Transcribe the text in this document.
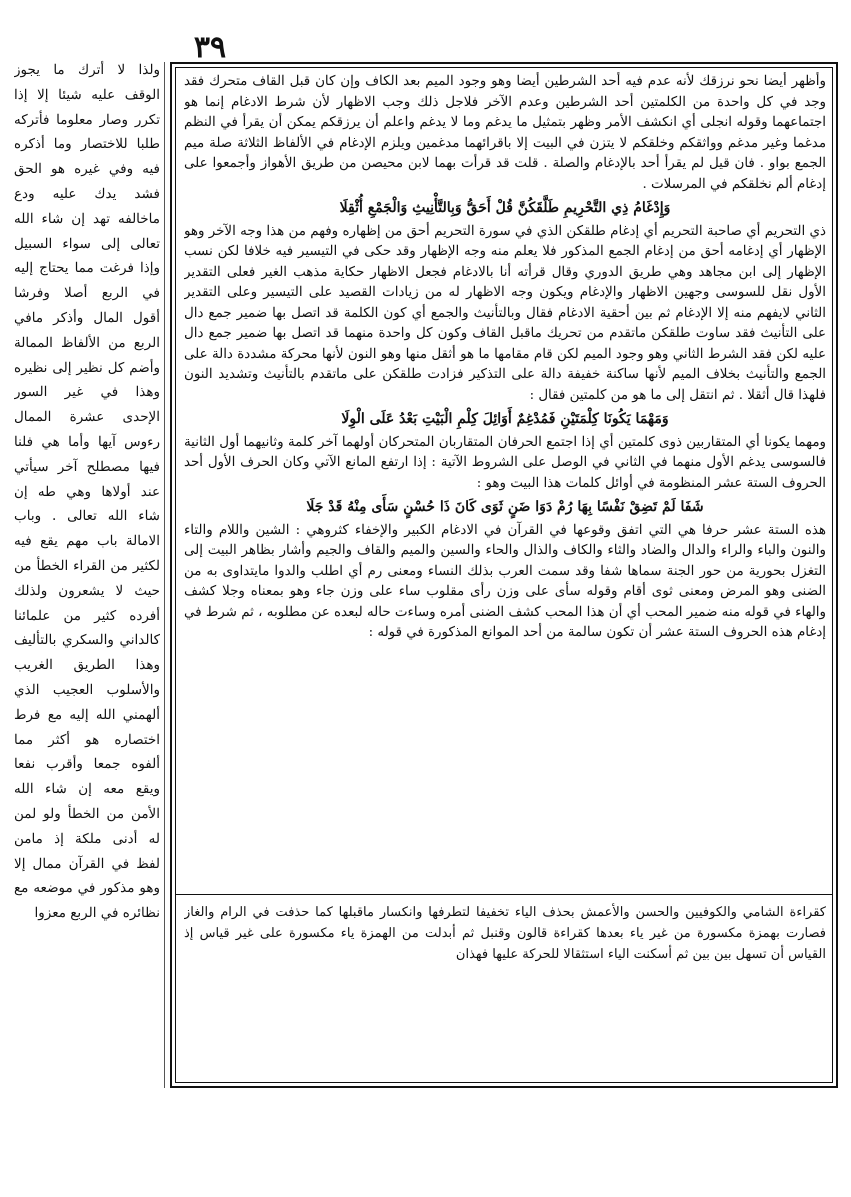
٣٩

ولذا لا أترك ما يجوز الوقف عليه شيئا إلا إذا تكرر وصار معلوما فأتركه طلبا للاختصار وما أذكره فيه وفي غيره هو الحق فشد يدك عليه ودع ماخالفه تهد إن شاء الله تعالى إلى سواء السبيل وإذا فرغت مما يحتاج إليه في الربع أصلا وفرشا أقول المال وأذكر مافي الربع من الألفاظ الممالة وأضم كل نظير إلى نظيره وهذا في غير السور الإحدى عشرة الممال رءوس آيها وأما هي فلنا فيها مصطلح آخر سيأتي عند أولاها وهي طه إن شاء الله تعالى . وباب الامالة باب مهم يقع فيه لكثير من القراء الخطأ من حيث لا يشعرون ولذلك أفرده كثير من علمائنا كالداني والسكري بالتأليف وهذا الطريق الغريب والأسلوب العجيب الذي ألهمني الله إليه مع فرط اختصاره هو أكثر مما ألفوه جمعا وأقرب نفعا ويقع معه إن شاء الله الأمن من الخطأ ولو لمن له أدنى ملكة إذ مامن لفظ في القرآن ممال إلا وهو مذكور في موضعه مع نظائره في الربع معزوا

وأظهر أيضا نحو نرزقك لأنه عدم فيه أحد الشرطين أيضا وهو وجود الميم بعد الكاف وإن كان قبل القاف متحرك فقد وجد في كل واحدة من الكلمتين أحد الشرطين وعدم الآخر فلاجل ذلك وجب الاظهار لأن شرط الادغام إنما هو اجتماعهما وقوله انجلى أي انكشف الأمر وظهر بتمثيل ما يدغم وما لا يدغم واعلم أن يرزقكم يمكن أن يقرأ في النظم مدغما وغير مدغم وواثقكم وخلقكم لا يتزن في البيت إلا باقرائهما مدغمين ويلزم الإدغام في الألفاظ الثلاثة صلة ميم الجمع بواو . فان قيل لم يقرأ أحد بالإدغام والصلة . قلت قد قرأت بهما لابن محيصن من طريق الأهواز وأجمعوا على إدغام ألم نخلقكم في المرسلات .

وَإِدْغَامُ ذِي التَّحْرِيمِ طَلَّقَكُنَّ قُلْ أَحَقُّ وَبِالتَّأْنِيثِ وَالْجَمْعِ أُثْقِلَا

ذي التحريم أي صاحبة التحريم أي إدغام طلقكن الذي في سورة التحريم أحق من إظهاره وفهم من هذا وجه الآخر وهو الإظهار أي إدغامه أحق من إدغام الجمع المذكور فلا يعلم منه وجه الإظهار وقد حكى في التيسير فيه خلافا لكن نسب الإظهار إلى ابن مجاهد وهي طريق الدوري وقال قرأته أنا بالادغام فجعل الاظهار حكاية مذهب الغير فعلى التقدير الأول نقل للسوسى وجهين الاظهار والإدغام ويكون وجه الاظهار له من زيادات القصيد على التيسير وعلى التقدير الثاني لايفهم منه إلا الإدغام ثم بين أحقية الادغام فقال وبالتأنيث والجمع أي كون الكلمة قد اتصل بها ضمير جمع دال على التأنيث فقد ساوت طلقكن ماتقدم من تحريك ماقبل القاف وكون كل واحدة منهما قد اتصل بها ضمير جمع دال عليه لكن فقد الشرط الثاني وهو وجود الميم لكن قام مقامها ما هو أثقل منها وهو النون لأنها محركة مشددة دالة على الجمع والتأنيث بخلاف الميم لأنها ساكنة خفيفة دالة على التذكير فزادت طلقكن على ماتقدم بالتأنيث وتشديد النون فلهذا قال أثقلا . ثم انتقل إلى ما هو من كلمتين فقال :

وَمَهْمَا يَكُونَا كِلْمَتَيْنِ فَمُدْغِمٌ أَوَائِلَ كِلْمِ الْبَيْتِ بَعْدُ عَلَى الْوِلَا

ومهما يكونا أي المتقاربين ذوى كلمتين أي إذا اجتمع الحرفان المتقاربان المتحركان أولهما آخر كلمة وثانيهما أول الثانية فالسوسى يدغم الأول منهما في الثاني في الوصل على الشروط الآتية : إذا ارتفع المانع الآتي وكان الحرف الأول أحد الحروف الستة عشر المنظومة في أوائل كلمات هذا البيت وهو :

شَفَا لَمْ تَضِقْ نَفْسًا بِهَا رُمْ دَوَا ضَنٍ ثَوَى كَانَ ذَا حُسْنٍ سَأَى مِنْهُ قَدْ جَلَا

هذه الستة عشر حرفا هي التي اتفق وقوعها في القرآن في الادغام الكبير والإخفاء كثروهي : الشين واللام والتاء والنون والباء والراء والدال والضاد والثاء والكاف والذال والحاء والسين والميم والقاف والجيم وأشار بظاهر البيت إلى التغزل بحورية من حور الجنة سماها شفا وقد سمت العرب بذلك النساء ومعنى رم أي اطلب والدوا مايتداوى به من الضنى وهو المرض ومعنى ثوى أقام وقوله سأى على وزن رأى مقلوب ساء على وزن جاء وهو بمعناه وجلا كشف والهاء في قوله منه ضمير المحب أي أن هذا المحب كشف الضنى أمره وساءت حاله لبعده عن مطلوبه ، ثم شرط في إدغام هذه الحروف الستة عشر أن تكون سالمة من أحد الموانع المذكورة في قوله :

كقراءة الشامي والكوفيين والحسن والأعمش بحذف الياء تخفيفا لتطرفها وانكسار ماقبلها كما حذفت في الرام والغاز فصارت بهمزة مكسورة من غير ياء بعدها كقراءة قالون وقنبل ثم أبدلت من الهمزة ياء مكسورة على غير قياس إذ القياس أن تسهل بين بين ثم أسكنت الياء استثقالا للحركة عليها فهذان
